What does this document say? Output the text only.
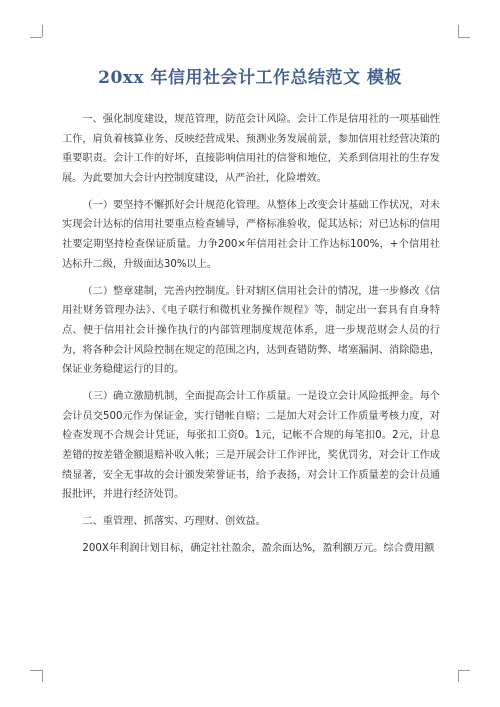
20xx 年信用社会计工作总结范文 模板

一、强化制度建设，规范管理，防范会计风险。会计工作是信用社的一项基础性工作，肩负着核算业务、反映经营成果、预测业务发展前景，参加信用社经营决策的重要职责。会计工作的好坏，直接影响信用社的信誉和地位，关系到信用社的生存发展。为此要加大会计内控制度建设，从严治社，化险增效。

（一）要坚持不懈抓好会计规范化管理。从整体上改变会计基础工作状况，对未实现会计达标的信用社要重点检查辅导，严格标准验收，促其达标；对已达标的信用社要定期坚持检查保证质量。力争200×年信用社会计工作达标100%，+个信用社达标升二级，升级面达30%以上。

（二）整章建制，完善内控制度。针对辖区信用社会计的情况，进一步修改《信用社财务管理办法》、《电子联行和微机业务操作规程》等，制定出一套具有自身特点、便于信用社会计操作执行的内部管理制度规范体系，进一步规范财会人员的行为，将各种会计风险控制在规定的范围之内，达到查错防弊、堵塞漏洞、消除隐患，保证业务稳健运行的目的。

（三）确立激励机制，全面提高会计工作质量。一是设立会计风险抵押金。每个会计员交500元作为保证金，实行错帐自赔；二是加大对会计工作质量考核力度，对检查发现不合规会计凭证，每张扣工资0。1元，记帐不合规的每笔扣0。2元，计息差错的按差错金额退赔补收入帐；三是开展会计工作评比，奖优罚劣，对会计工作成绩显著，安全无事故的会计颁发荣誉证书，给予表扬，对会计工作质量差的会计员通报批评，并进行经济处罚。

二、重管理、抓落实、巧理财、创效益。

200X年利润计划目标，确定社社盈余，盈余面达%，盈利额万元。综合费用额
